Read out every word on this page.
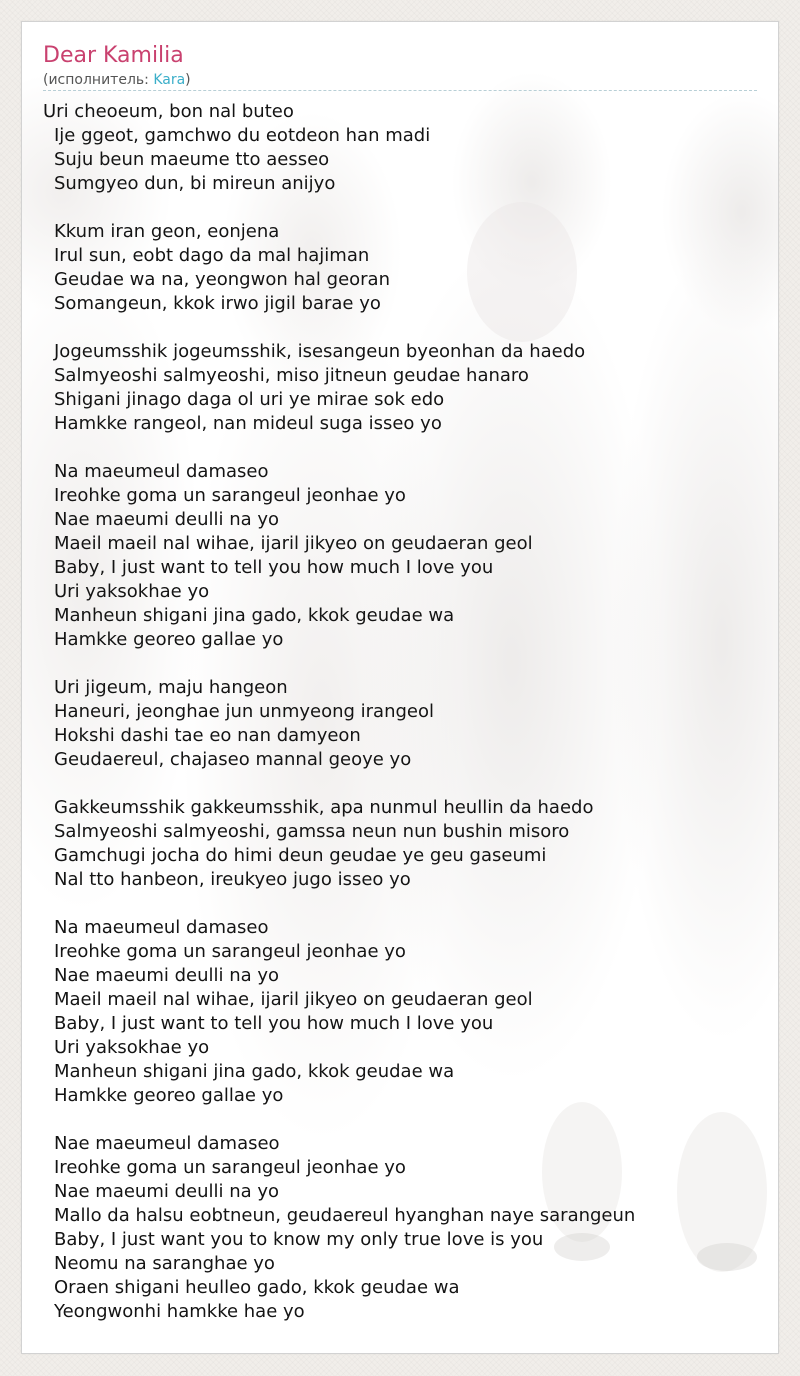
Dear Kamilia
(исполнитель: Kara)
Uri cheoeum, bon nal buteo
Ije ggeot, gamchwo du eotdeon han madi
Suju beun maeume tto aesseo
Sumgyeo dun, bi mireun anijyo
Kkum iran geon, eonjena
Irul sun, eobt dago da mal hajiman
Geudae wa na, yeongwon hal georan
Somangeun, kkok irwo jigil barae yo
Jogeumsshik jogeumsshik, isesangeun byeonhan da haedo
Salmyeoshi salmyeoshi, miso jitneun geudae hanaro
Shigani jinago daga ol uri ye mirae sok edo
Hamkke rangeol, nan mideul suga isseo yo
Na maeumeul damaseo
Ireohke goma un sarangeul jeonhae yo
Nae maeumi deulli na yo
Maeil maeil nal wihae, ijaril jikyeo on geudaeran geol
Baby, I just want to tell you how much I love you
Uri yaksokhae yo
Manheun shigani jina gado, kkok geudae wa
Hamkke georeo gallae yo
Uri jigeum, maju hangeon
Haneuri, jeonghae jun unmyeong irangeol
Hokshi dashi tae eo nan damyeon
Geudaereul, chajaseo mannal geoye yo
Gakkeumsshik gakkeumsshik, apa nunmul heullin da haedo
Salmyeoshi salmyeoshi, gamssa neun nun bushin misoro
Gamchugi jocha do himi deun geudae ye geu gaseumi
Nal tto hanbeon, ireukyeo jugo isseo yo
Na maeumeul damaseo
Ireohke goma un sarangeul jeonhae yo
Nae maeumi deulli na yo
Maeil maeil nal wihae, ijaril jikyeo on geudaeran geol
Baby, I just want to tell you how much I love you
Uri yaksokhae yo
Manheun shigani jina gado, kkok geudae wa
Hamkke georeo gallae yo
Nae maeumeul damaseo
Ireohke goma un sarangeul jeonhae yo
Nae maeumi deulli na yo
Mallo da halsu eobtneun, geudaereul hyanghan naye sarangeun
Baby, I just want you to know my only true love is you
Neomu na saranghae yo
Oraen shigani heulleo gado, kkok geudae wa
Yeongwonhi hamkke hae yo
